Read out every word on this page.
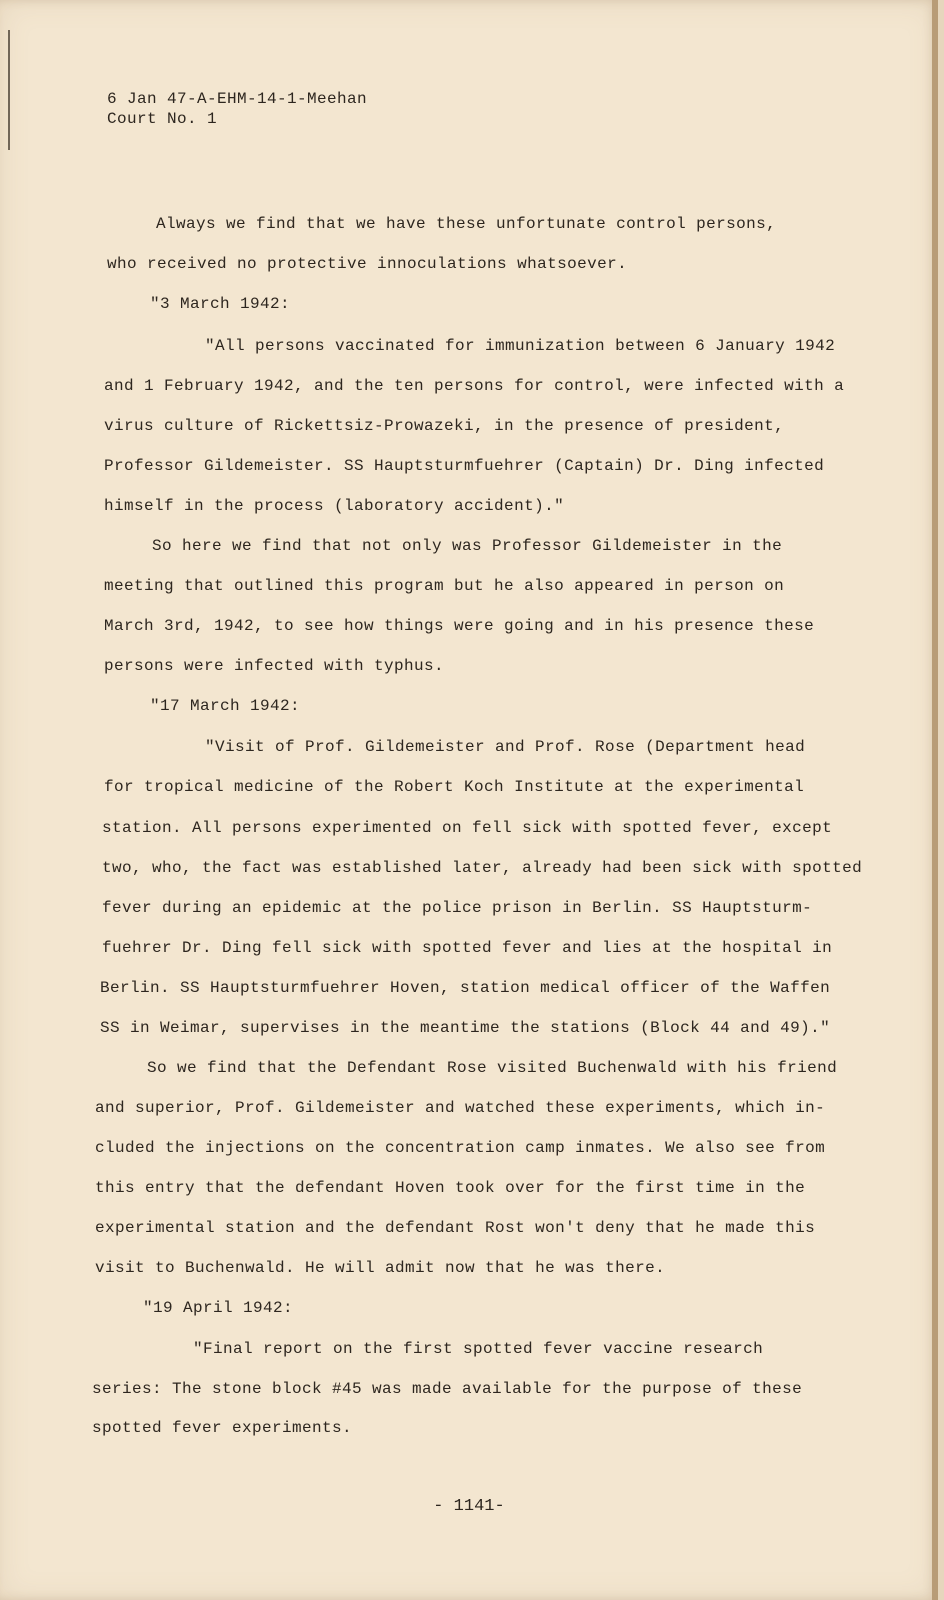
6 Jan 47-A-EHM-14-1-Meehan

Court No. 1

Always we find that we have these unfortunate control persons,

who received no protective innoculations whatsoever.

"3 March 1942:

"All persons vaccinated for immunization between 6 January 1942

and 1 February 1942, and the ten persons for control, were infected with a

virus culture of Rickettsiz-Prowazeki, in the presence of president,

Professor Gildemeister. SS Hauptsturmfuehrer (Captain) Dr. Ding infected

himself in the process (laboratory accident)."

So here we find that not only was Professor Gildemeister in the

meeting that outlined this program but he also appeared in person on

March 3rd, 1942, to see how things were going and in his presence these

persons were infected with typhus.

"17 March 1942:

"Visit of Prof. Gildemeister and Prof. Rose (Department head

for tropical medicine of the Robert Koch Institute at the experimental

station. All persons experimented on fell sick with spotted fever, except

two, who, the fact was established later, already had been sick with spotted

fever during an epidemic at the police prison in Berlin. SS Hauptsturm-

fuehrer Dr. Ding fell sick with spotted fever and lies at the hospital in

Berlin. SS Hauptsturmfuehrer Hoven, station medical officer of the Waffen

SS in Weimar, supervises in the meantime the stations (Block 44 and 49)."

So we find that the Defendant Rose visited Buchenwald with his friend

and superior, Prof. Gildemeister and watched these experiments, which in-

cluded the injections on the concentration camp inmates. We also see from

this entry that the defendant Hoven took over for the first time in the

experimental station and the defendant Rost won't deny that he made this

visit to Buchenwald. He will admit now that he was there.

"19 April 1942:

"Final report on the first spotted fever vaccine research

series: The stone block #45 was made available for the purpose of these

spotted fever experiments.

- 1141-
